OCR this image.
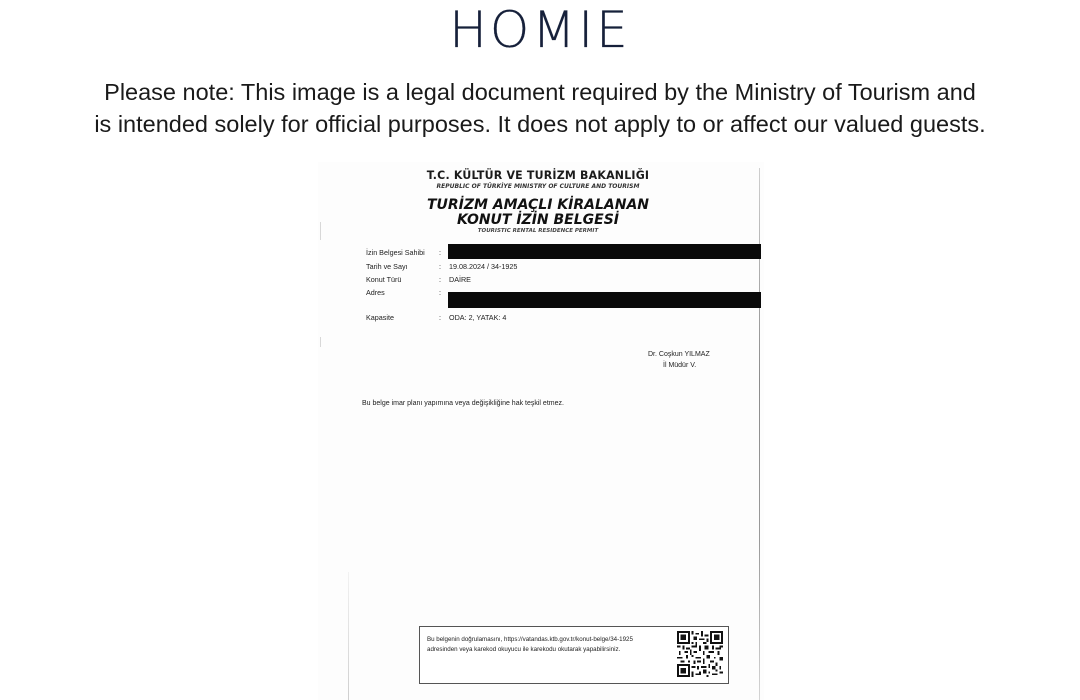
HOMIE
Please note: This image is a legal document required by the Ministry of Tourism and
is intended solely for official purposes. It does not apply to or affect our valued guests.
T.C. KÜLTÜR VE TURİZM BAKANLIĞI
REPUBLIC OF TÜRKİYE MINISTRY OF CULTURE AND TOURISM
TURİZM AMAÇLI KİRALANAN
KONUT İZİN BELGESİ
TOURISTIC RENTAL RESIDENCE PERMIT
İzin Belgesi Sahibi	:
Tarih ve Sayı	: 19.08.2024 / 34-1925
Konut Türü	: DAİRE
Adres	:
Kapasite	: ODA: 2, YATAK: 4
Dr. Coşkun YILMAZ
İl Müdür V.
Bu belge imar planı yapımına veya değişikliğine hak teşkil etmez.
Bu belgenin doğrulamasını, https://vatandas.ktb.gov.tr/konut-belge/34-1925
adresinden veya karekod okuyucu ile karekodu okutarak yapabilirsiniz.
